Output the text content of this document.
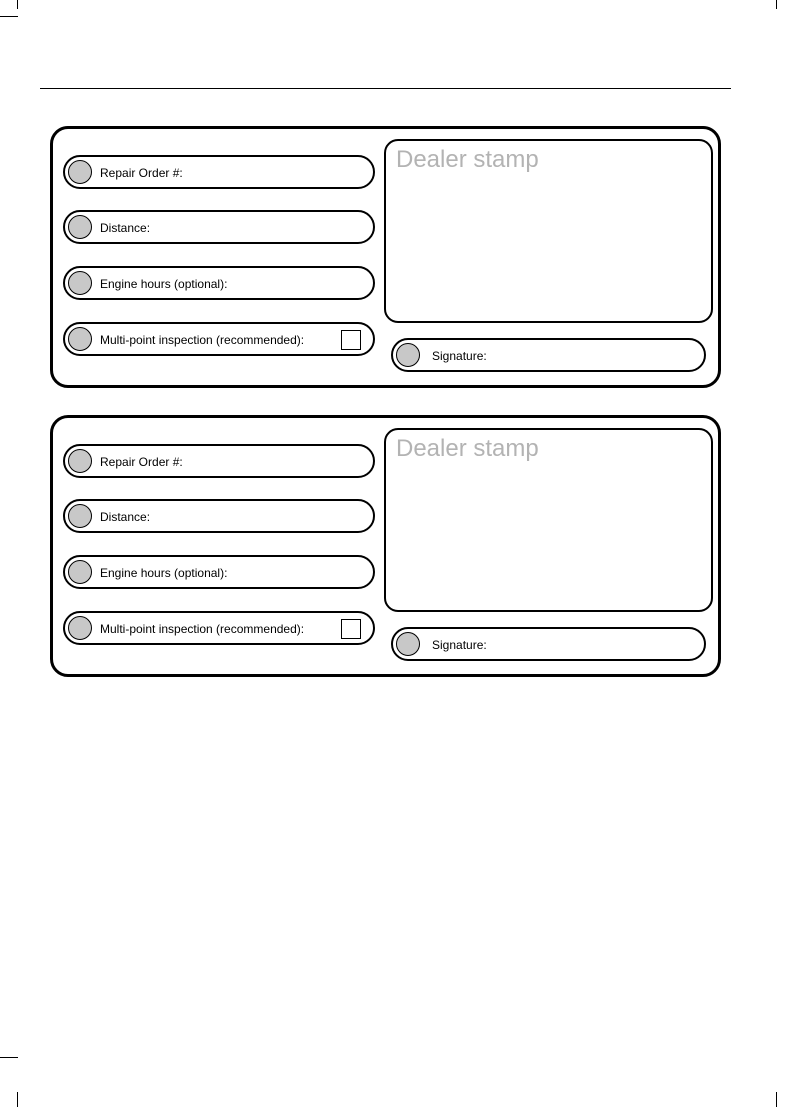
Repair Order #:
Distance:
Engine hours (optional):
Multi-point inspection (recommended):
Dealer stamp
Signature:
Repair Order #:
Distance:
Engine hours (optional):
Multi-point inspection (recommended):
Dealer stamp
Signature:
